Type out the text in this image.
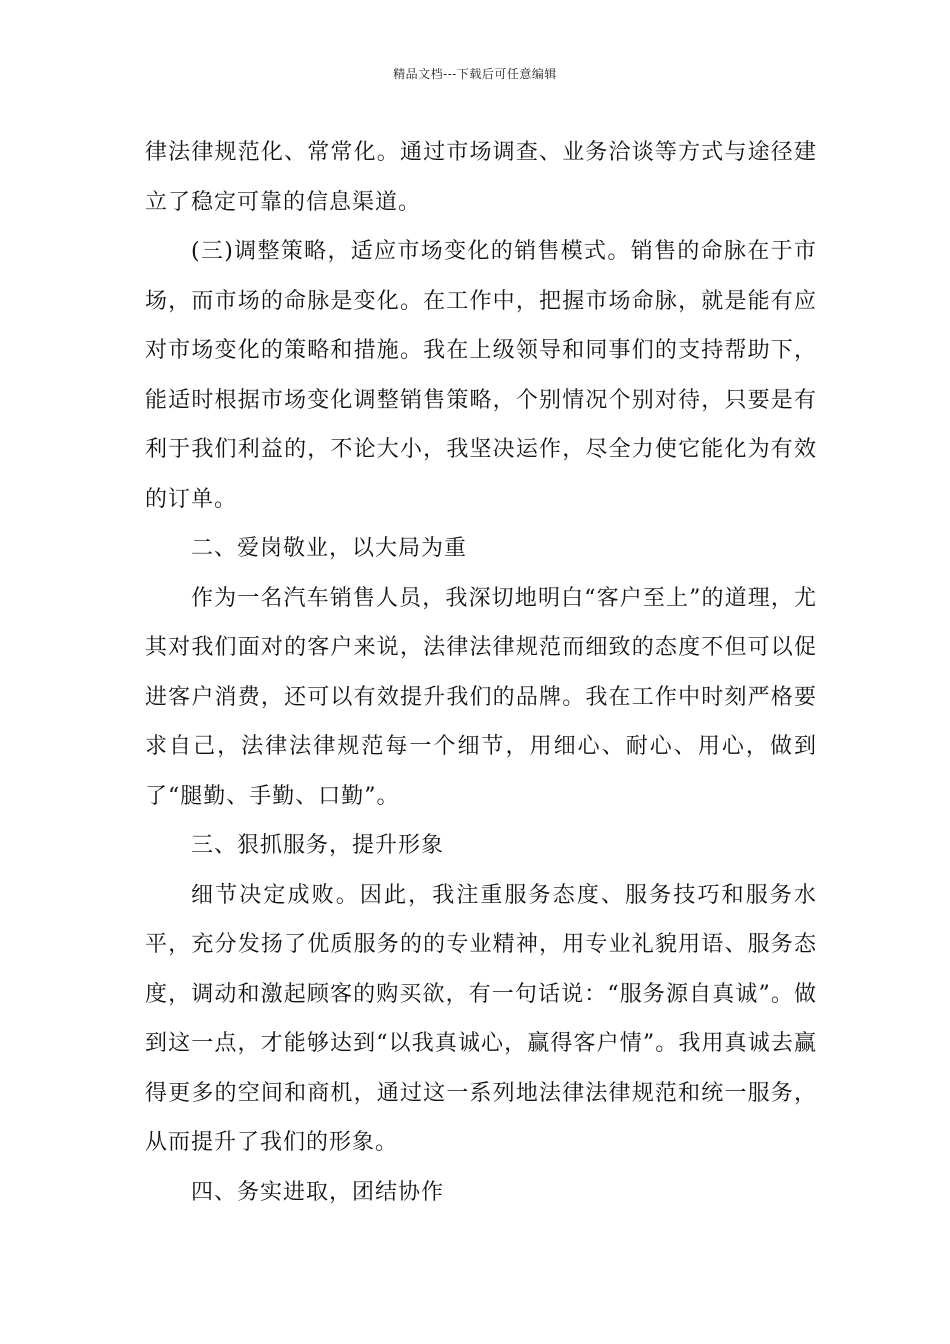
精品文档---下载后可任意编辑

律法律规范化、常常化。通过市场调查、业务洽谈等方式与途径建立了稳定可靠的信息渠道。

(三)调整策略，适应市场变化的销售模式。销售的命脉在于市场，而市场的命脉是变化。在工作中，把握市场命脉，就是能有应对市场变化的策略和措施。我在上级领导和同事们的支持帮助下，能适时根据市场变化调整销售策略，个别情况个别对待，只要是有利于我们利益的，不论大小，我坚决运作，尽全力使它能化为有效的订单。

二、爱岗敬业，以大局为重

作为一名汽车销售人员，我深切地明白“客户至上”的道理，尤其对我们面对的客户来说，法律法律规范而细致的态度不但可以促进客户消费，还可以有效提升我们的品牌。我在工作中时刻严格要求自己，法律法律规范每一个细节，用细心、耐心、用心，做到了“腿勤、手勤、口勤”。

三、狠抓服务，提升形象

细节决定成败。因此，我注重服务态度、服务技巧和服务水平，充分发扬了优质服务的的专业精神，用专业礼貌用语、服务态度，调动和激起顾客的购买欲，有一句话说：“服务源自真诚”。做到这一点，才能够达到“以我真诚心，赢得客户情”。我用真诚去赢得更多的空间和商机，通过这一系列地法律法律规范和统一服务，从而提升了我们的形象。

四、务实进取，团结协作
